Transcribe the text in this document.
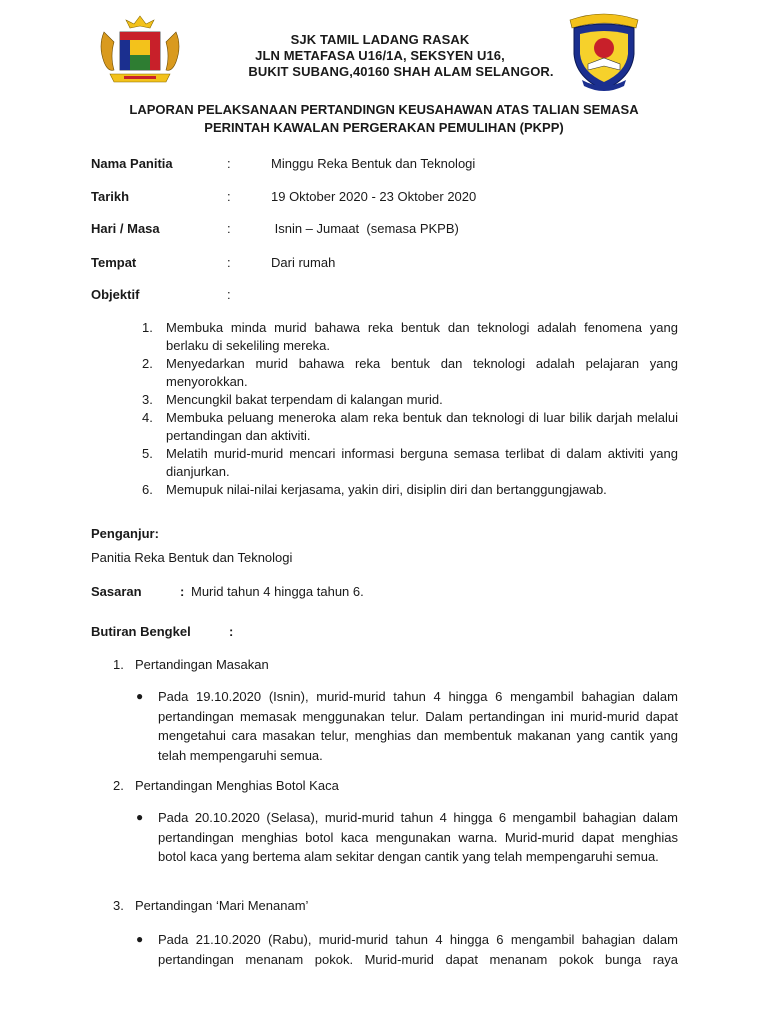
SJK TAMIL LADANG RASAK
JLN METAFASA U16/1A, SEKSYEN U16,
BUKIT SUBANG,40160 SHAH ALAM SELANGOR.
LAPORAN PELAKSANAAN PERTANDINGN KEUSAHAWAN ATAS TALIAN SEMASA
PERINTAH KAWALAN PERGERAKAN PEMULIHAN (PKPP)
Nama Panitia	:	Minggu Reka Bentuk dan Teknologi
Tarikh	:	19 Oktober 2020 - 23 Oktober 2020
Hari / Masa	:	Isnin – Jumaat  (semasa PKPB)
Tempat	:	Dari rumah
Objektif	:
1. Membuka minda murid bahawa reka bentuk dan teknologi adalah fenomena yang berlaku di sekeliling mereka.
2. Menyedarkan murid bahawa reka bentuk dan teknologi adalah pelajaran yang menyorokkan.
3. Mencungkil bakat terpendam di kalangan murid.
4. Membuka peluang meneroka alam reka bentuk dan teknologi di luar bilik darjah melalui pertandingan dan aktiviti.
5. Melatih murid-murid mencari informasi berguna semasa terlibat di dalam aktiviti yang dianjurkan.
6. Memupuk nilai-nilai kerjasama, yakin diri, disiplin diri dan bertanggungjawab.
Penganjur:
Panitia Reka Bentuk dan Teknologi
Sasaran	: Murid tahun 4 hingga tahun 6.
Butiran Bengkel	:
1. Pertandingan Masakan
● Pada 19.10.2020 (Isnin), murid-murid tahun 4 hingga 6 mengambil bahagian dalam pertandingan memasak menggunakan telur. Dalam pertandingan ini murid-murid dapat mengetahui cara masakan telur, menghias dan membentuk makanan yang cantik yang telah mempengaruhi semua.
2. Pertandingan Menghias Botol Kaca
● Pada 20.10.2020 (Selasa), murid-murid tahun 4 hingga 6 mengambil bahagian dalam pertandingan menghias botol kaca mengunakan warna. Murid-murid dapat menghias botol kaca yang bertema alam sekitar dengan cantik yang telah mempengaruhi semua.
3. Pertandingan ‘Mari Menanam’
● Pada 21.10.2020 (Rabu), murid-murid tahun 4 hingga 6 mengambil bahagian dalam pertandingan menanam pokok. Murid-murid dapat menanam pokok bunga raya
